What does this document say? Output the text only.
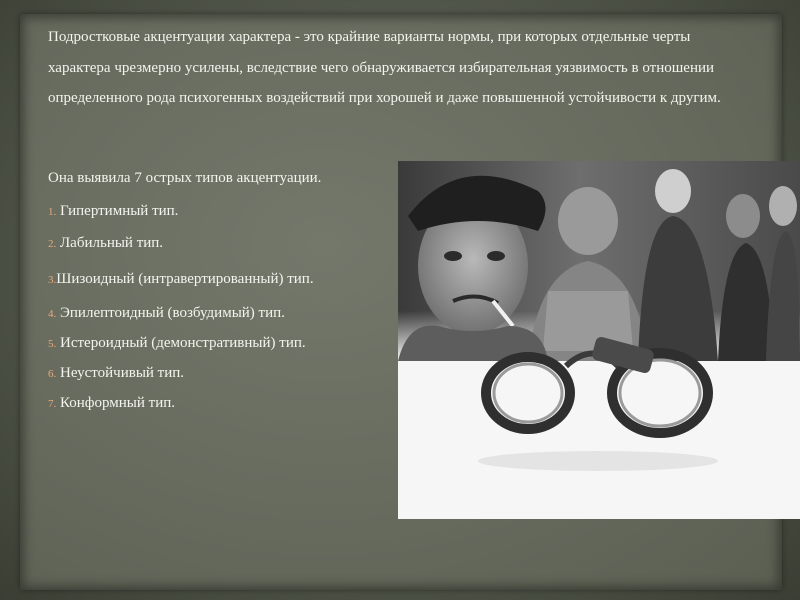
Подростковые акцентуации характера - это крайние варианты нормы, при которых отдельные черты характера чрезмерно усилены, вследствие чего обнаруживается избирательная уязвимость в отношении определенного рода психогенных воздействий при хорошей и даже повышенной устойчивости к другим.

Она выявила 7 острых типов акцентуации.

1. Гипертимный тип.
2. Лабильный тип.
3.Шизоидный (интравертированный) тип.
4. Эпилептоидный (возбудимый) тип.
5. Истероидный (демонстративный) тип.
6. Неустойчивый тип.
7. Конформный тип.
